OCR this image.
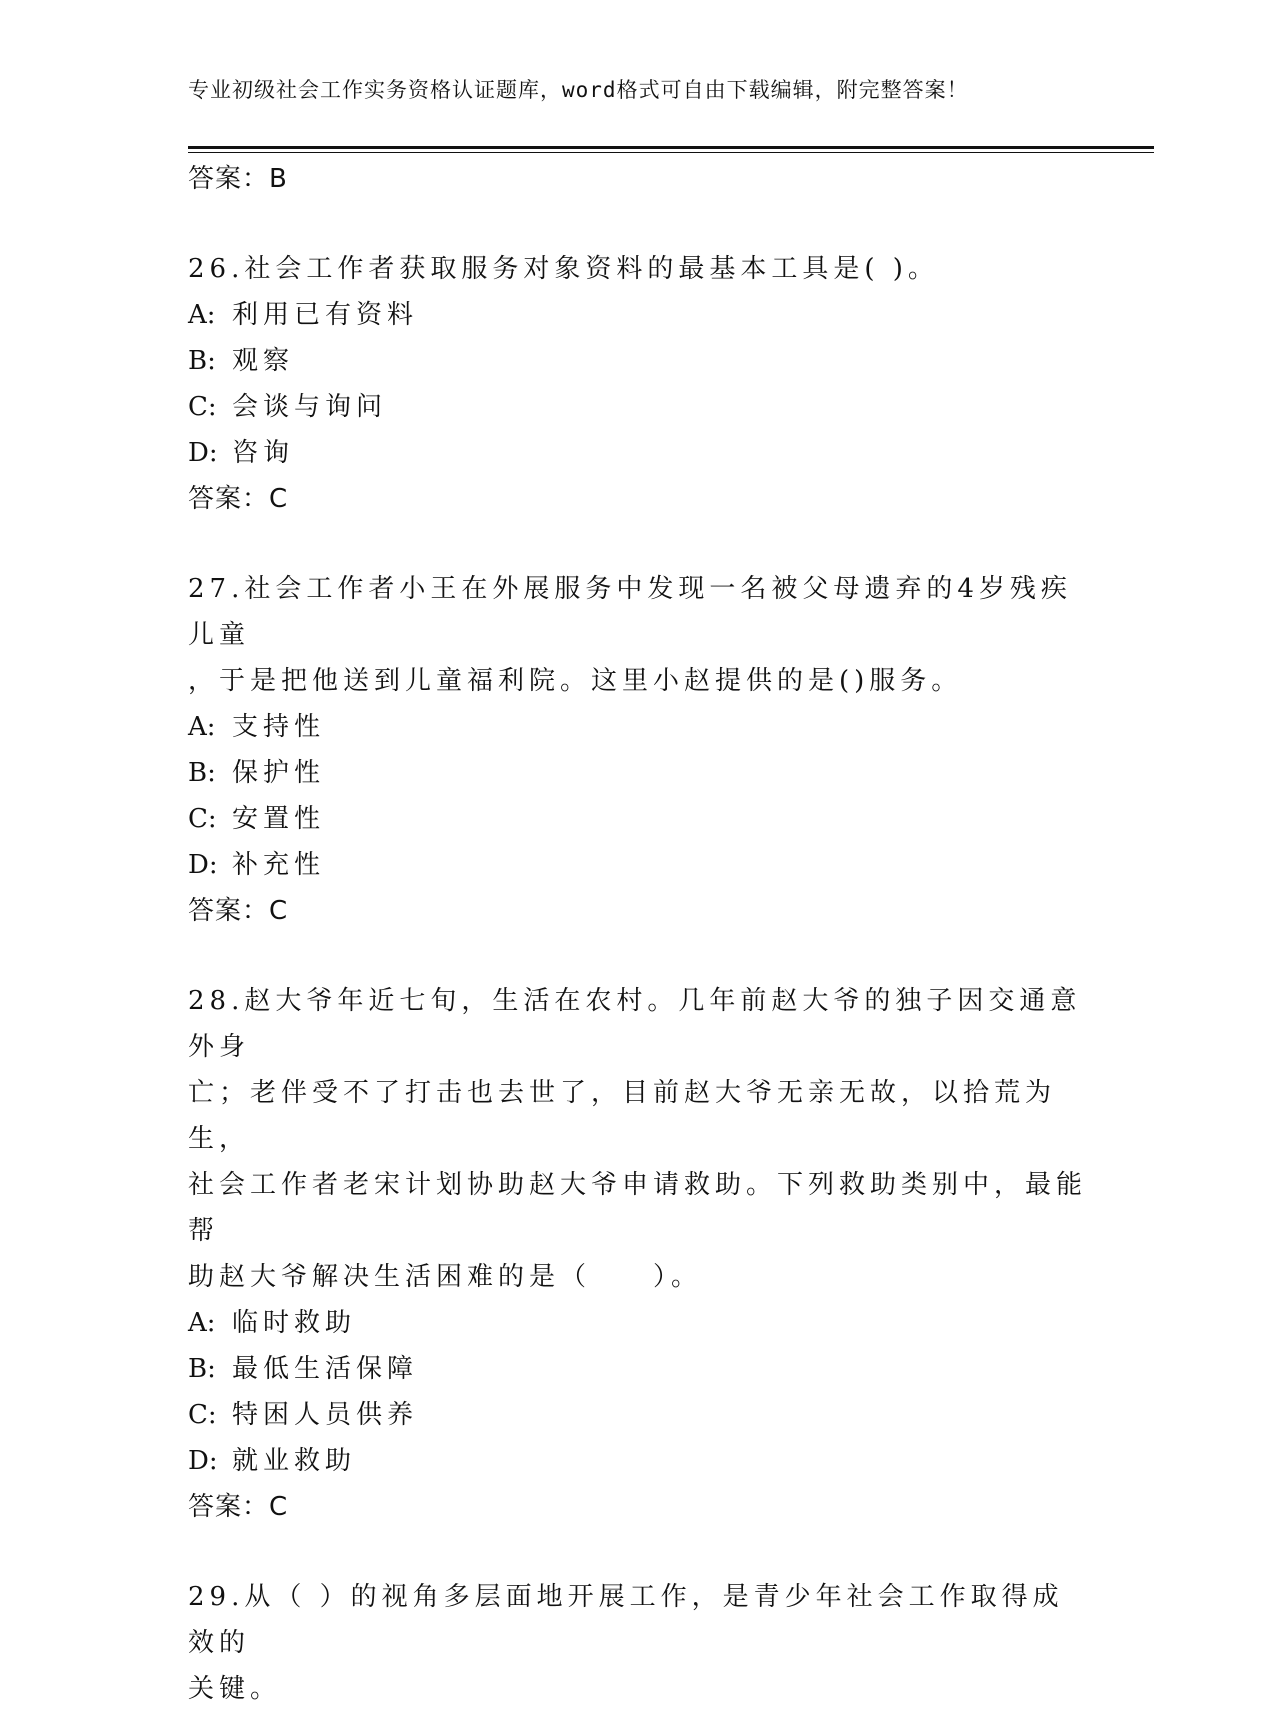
专业初级社会工作实务资格认证题库，word格式可自由下载编辑，附完整答案！
答案：B
26.社会工作者获取服务对象资料的最基本工具是( )。
A: 利用已有资料
B: 观察
C: 会谈与询问
D: 咨询
答案：C
27.社会工作者小王在外展服务中发现一名被父母遗弃的4岁残疾儿童
，于是把他送到儿童福利院。这里小赵提供的是()服务。
A: 支持性
B: 保护性
C: 安置性
D: 补充性
答案：C
28.赵大爷年近七旬，生活在农村。几年前赵大爷的独子因交通意外身
亡；老伴受不了打击也去世了，目前赵大爷无亲无故，以拾荒为生，
社会工作者老宋计划协助赵大爷申请救助。下列救助类别中，最能帮
助赵大爷解决生活困难的是（　　）。
A: 临时救助
B: 最低生活保障
C: 特困人员供养
D: 就业救助
答案：C
29.从（ ）的视角多层面地开展工作，是青少年社会工作取得成效的
关键。
